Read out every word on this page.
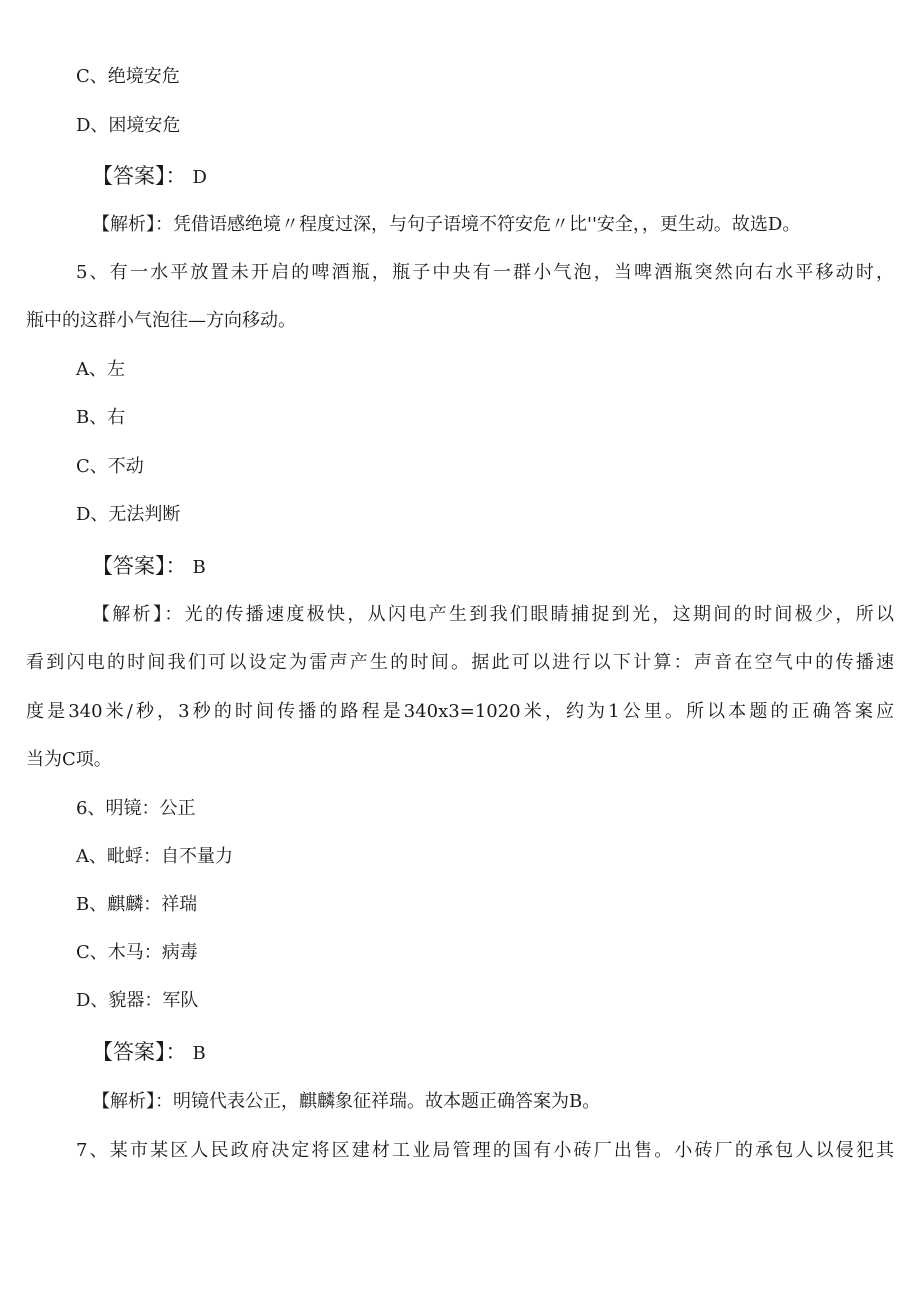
C、绝境安危
D、困境安危
【答案】： D
【解析】：凭借语感绝境〃程度过深，与句子语境不符安危〃比''安全，，更生动。故选D。
5、有一水平放置未开启的啤酒瓶，瓶子中央有一群小气泡，当啤酒瓶突然向右水平移动时，
瓶中的这群小气泡往—方向移动。
A、左
B、右
C、不动
D、无法判断
【答案】： B
【解析】：光的传播速度极快，从闪电产生到我们眼睛捕捉到光，这期间的时间极少，所以
看到闪电的时间我们可以设定为雷声产生的时间。据此可以进行以下计算：声音在空气中的传播速
度是340米/秒，3秒的时间传播的路程是340x3=1020米，约为1公里。所以本题的正确答案应
当为C项。
6、明镜：公正
A、毗蜉：自不量力
B、麒麟：祥瑞
C、木马：病毒
D、貌器：军队
【答案】： B
【解析】：明镜代表公正，麒麟象征祥瑞。故本题正确答案为B。
7、某市某区人民政府决定将区建材工业局管理的国有小砖厂出售。小砖厂的承包人以侵犯其
